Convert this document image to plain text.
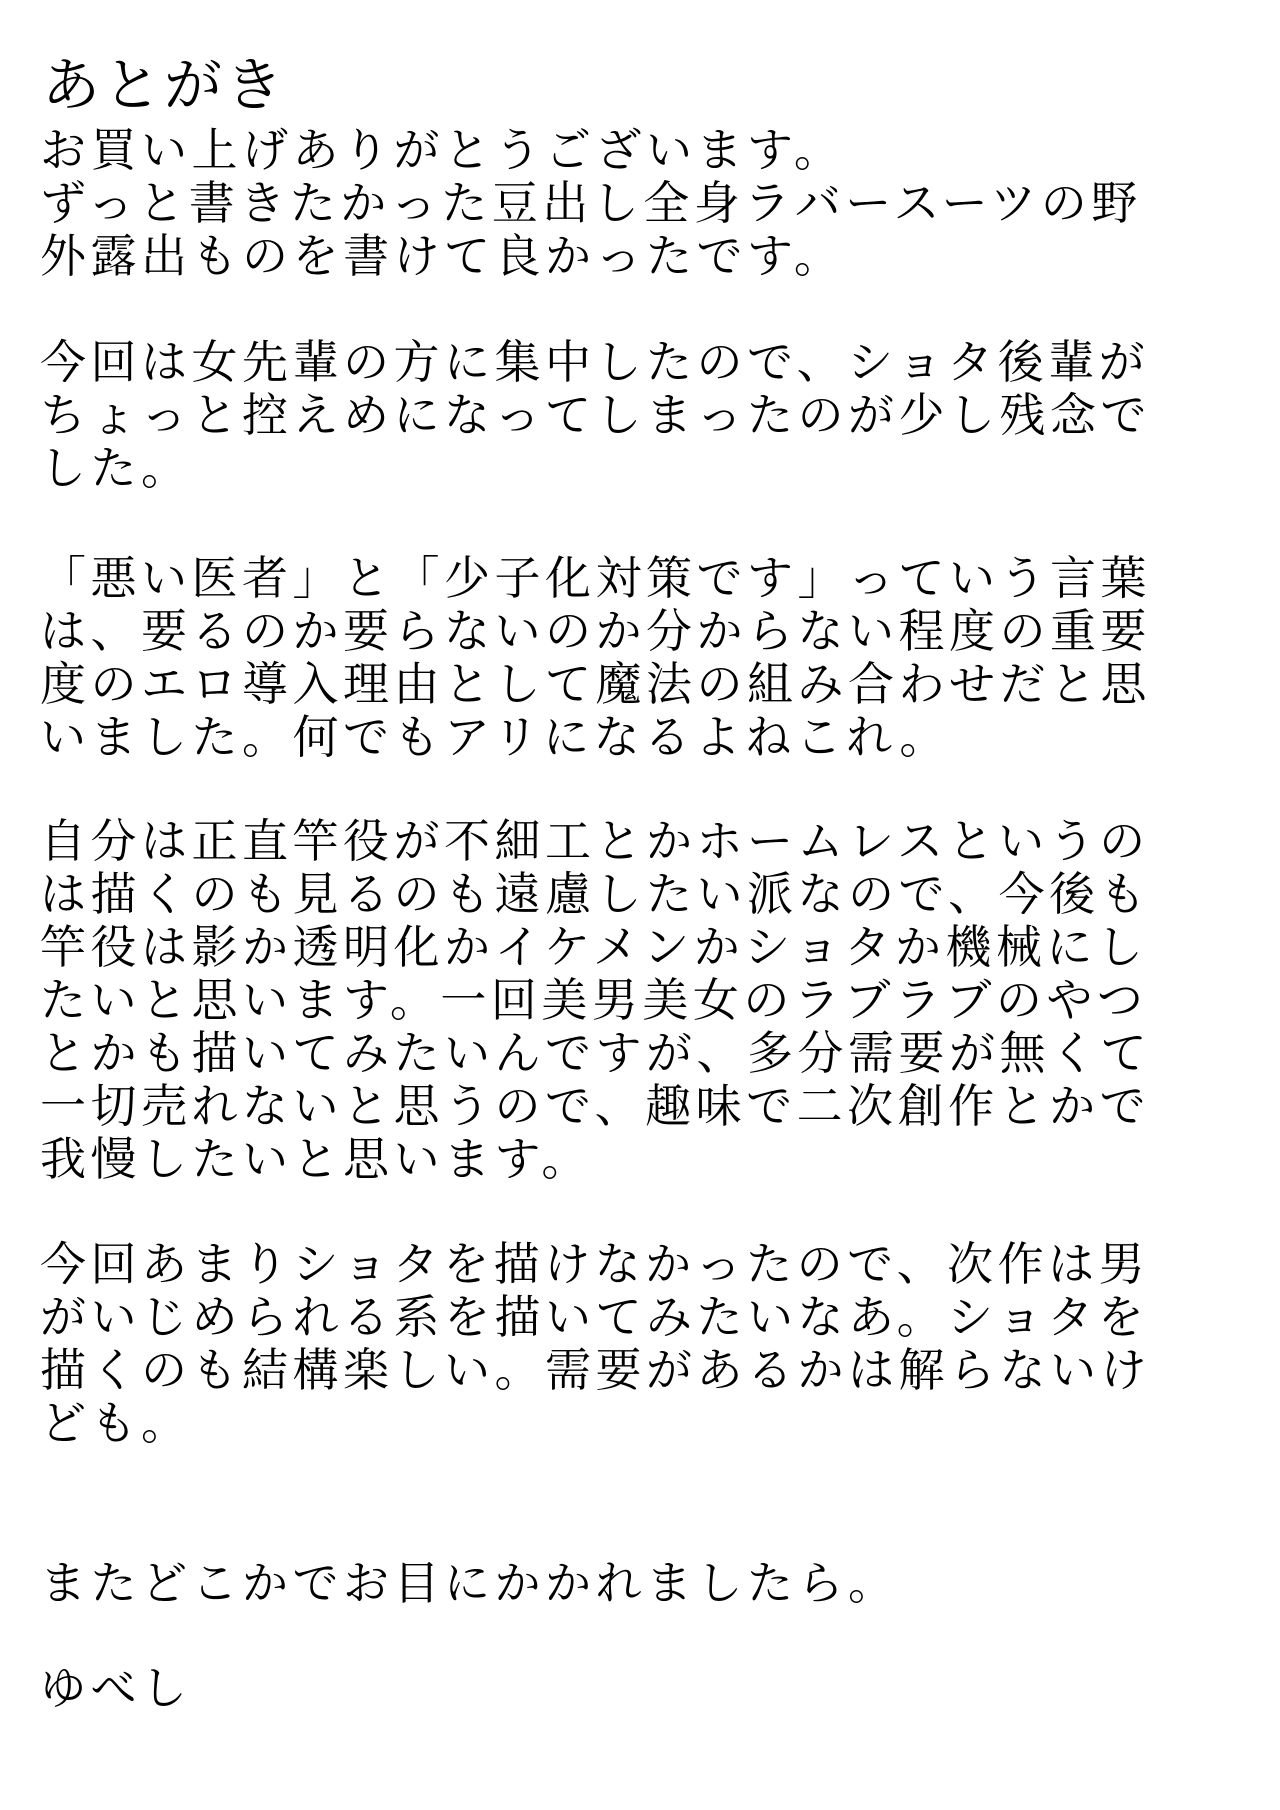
あとがき
お買い上げありがとうございます。
ずっと書きたかった豆出し全身ラバースーツの野
外露出ものを書けて良かったです。
今回は女先輩の方に集中したので、ショタ後輩が
ちょっと控えめになってしまったのが少し残念で
した。
「悪い医者」と「少子化対策です」っていう言葉
は、要るのか要らないのか分からない程度の重要
度のエロ導入理由として魔法の組み合わせだと思
いました。何でもアリになるよねこれ。
自分は正直竿役が不細工とかホームレスというの
は描くのも見るのも遠慮したい派なので、今後も
竿役は影か透明化かイケメンかショタか機械にし
たいと思います。一回美男美女のラブラブのやつ
とかも描いてみたいんですが、多分需要が無くて
一切売れないと思うので、趣味で二次創作とかで
我慢したいと思います。
今回あまりショタを描けなかったので、次作は男
がいじめられる系を描いてみたいなあ。ショタを
描くのも結構楽しい。需要があるかは解らないけ
ども。
またどこかでお目にかかれましたら。
ゆべし
